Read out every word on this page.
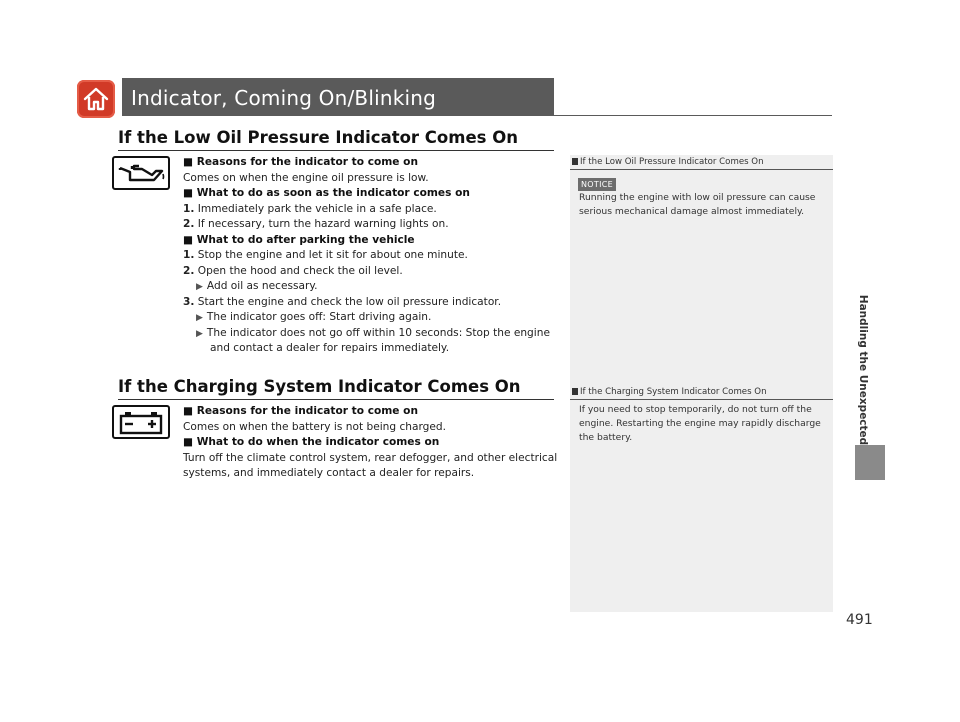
Indicator, Coming On/Blinking
If the Low Oil Pressure Indicator Comes On
■ Reasons for the indicator to come on
Comes on when the engine oil pressure is low.
■ What to do as soon as the indicator comes on
1. Immediately park the vehicle in a safe place.
2. If necessary, turn the hazard warning lights on.
■ What to do after parking the vehicle
1. Stop the engine and let it sit for about one minute.
2. Open the hood and check the oil level.
▶ Add oil as necessary.
3. Start the engine and check the low oil pressure indicator.
▶ The indicator goes off: Start driving again.
▶ The indicator does not go off within 10 seconds: Stop the engine
and contact a dealer for repairs immediately.
If the Charging System Indicator Comes On
■ Reasons for the indicator to come on
Comes on when the battery is not being charged.
■ What to do when the indicator comes on
Turn off the climate control system, rear defogger, and other electrical
systems, and immediately contact a dealer for repairs.
If the Low Oil Pressure Indicator Comes On
NOTICE
Running the engine with low oil pressure can cause
serious mechanical damage almost immediately.
If the Charging System Indicator Comes On
If you need to stop temporarily, do not turn off the
engine. Restarting the engine may rapidly discharge
the battery.	Handling the Unexpected
491
